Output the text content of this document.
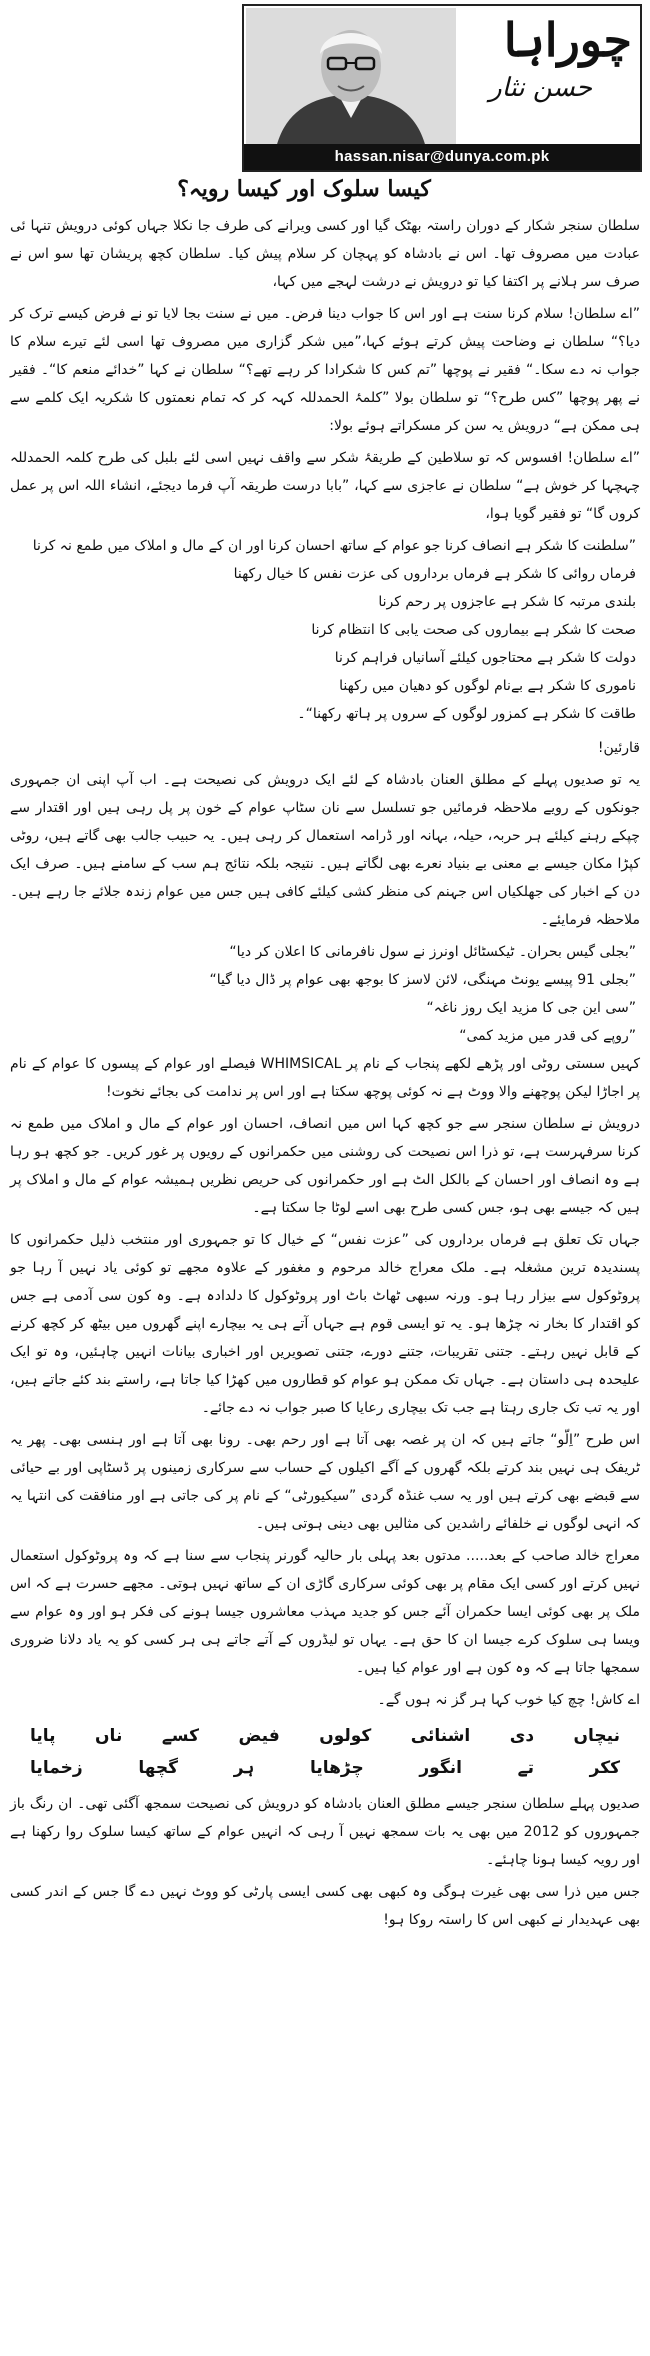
چوراہا
حسن نثار
hassan.nisar@dunya.com.pk
کیسا سلوک اور کیسا رویہ؟

سلطان سنجر شکار کے دوران راستہ بھٹک گیا اور کسی ویرانے کی طرف جا نکلا جہاں کوئی درویش تنہا ئی عبادت میں مصروف تھا۔ اس نے بادشاہ کو پہچان کر سلام پیش کیا۔ سلطان کچھ پریشان تھا سو اس نے صرف سر ہلانے پر اکتفا کیا تو درویش نے درشت لہجے میں کہا،

”اے سلطان! سلام کرنا سنت ہے اور اس کا جواب دینا فرض۔ میں نے سنت بجا لایا تو نے فرض کیسے ترک کر دیا؟“ سلطان نے وضاحت پیش کرتے ہوئے کہا،”میں شکر گزاری میں مصروف تھا اسی لئے تیرے سلام کا جواب نہ دے سکا۔“ فقیر نے پوچھا ”تم کس کا شکرادا کر رہے تھے؟“ سلطان نے کہا ”خدائے منعم کا“۔ فقیر نے پھر پوچھا ”کس طرح؟“ تو سلطان بولا ”کلمۂ الحمدللہ کہہ کر کہ تمام نعمتوں کا شکریہ ایک کلمے سے ہی ممکن ہے“ درویش یہ سن کر مسکراتے ہوئے بولا:

”اے سلطان! افسوس کہ تو سلاطین کے طریقۂ شکر سے واقف نہیں اسی لئے بلبل کی طرح کلمہ الحمدللہ چہچہا کر خوش ہے“ سلطان نے عاجزی سے کہا، ”بابا درست طریقہ آپ فرما دیجئے، انشاء اللہ اس پر عمل کروں گا“ تو فقیر گویا ہوا،

”سلطنت کا شکر ہے انصاف کرنا جو عوام کے ساتھ احسان کرنا اور ان کے مال و املاک میں طمع نہ کرنا

فرماں روائی کا شکر ہے فرماں برداروں کی عزت نفس کا خیال رکھنا

بلندی مرتبہ کا شکر ہے عاجزوں پر رحم کرنا

صحت کا شکر ہے بیماروں کی صحت یابی کا انتظام کرنا

دولت کا شکر ہے محتاجوں کیلئے آسانیاں فراہم کرنا

ناموری کا شکر ہے بےنام لوگوں کو دھیان میں رکھنا

طاقت کا شکر ہے کمزور لوگوں کے سروں پر ہاتھ رکھنا“۔

قارئین!

یہ تو صدیوں پہلے کے مطلق العنان بادشاہ کے لئے ایک درویش کی نصیحت ہے۔ اب آپ اپنی ان جمہوری جونکوں کے رویے ملاحظہ فرمائیں جو تسلسل سے نان سٹاپ عوام کے خون پر پل رہی ہیں اور اقتدار سے چپکے رہنے کیلئے ہر حربہ، حیلہ، بہانہ اور ڈرامہ استعمال کر رہی ہیں۔ یہ حبیب جالب بھی گاتے ہیں، روٹی کپڑا مکان جیسے بے معنی بے بنیاد نعرے بھی لگاتے ہیں۔ نتیجہ بلکہ نتائج ہم سب کے سامنے ہیں۔ صرف ایک دن کے اخبار کی جھلکیاں اس جہنم کی منظر کشی کیلئے کافی ہیں جس میں عوام زندہ جلائے جا رہے ہیں۔ ملاحظہ فرمایئے۔

”بجلی گیس بحران۔ ٹیکسٹائل اونرز نے سول نافرمانی کا اعلان کر دیا“

”بجلی 91 پیسے یونٹ مہنگی، لائن لاسز کا بوجھ بھی عوام پر ڈال دیا گیا“

”سی این جی کا مزید ایک روز ناغہ“

”روپے کی قدر میں مزید کمی“

کہیں سستی روٹی اور پڑھے لکھے پنجاب کے نام پر WHIMSICAL فیصلے اور عوام کے پیسوں کا عوام کے نام پر اجاڑا لیکن پوچھنے والا ووٹ ہے نہ کوئی پوچھ سکتا ہے اور اس پر ندامت کی بجائے نخوت!

درویش نے سلطان سنجر سے جو کچھ کہا اس میں انصاف، احسان اور عوام کے مال و املاک میں طمع نہ کرنا سرفہرست ہے، تو ذرا اس نصیحت کی روشنی میں حکمرانوں کے رویوں پر غور کریں۔ جو کچھ ہو رہا ہے وہ انصاف اور احسان کے بالکل الٹ ہے اور حکمرانوں کی حریص نظریں ہمیشہ عوام کے مال و املاک پر ہیں کہ جیسے بھی ہو، جس کسی طرح بھی اسے لوٹا جا سکتا ہے۔

جہاں تک تعلق ہے فرماں برداروں کی ”عزت نفس“ کے خیال کا تو جمہوری اور منتخب ذلیل حکمرانوں کا پسندیدہ ترین مشغلہ ہے۔ ملک معراج خالد مرحوم و مغفور کے علاوہ مجھے تو کوئی یاد نہیں آ رہا جو پروٹوکول سے بیزار رہا ہو۔ ورنہ سبھی ٹھاٹ باٹ اور پروٹوکول کا دلدادہ ہے۔ وہ کون سی آدمی ہے جس کو اقتدار کا بخار نہ چڑھا ہو۔ یہ تو ایسی قوم ہے جہاں آتے ہی یہ بیچارے اپنے گھروں میں بیٹھ کر کچھ کرنے کے قابل نہیں رہتے۔ جتنی تقریبات، جتنے دورے، جتنی تصویریں اور اخباری بیانات انہیں چاہئیں، وہ تو ایک علیحدہ ہی داستان ہے۔ جہاں تک ممکن ہو عوام کو قطاروں میں کھڑا کیا جاتا ہے، راستے بند کئے جاتے ہیں، اور یہ تب تک جاری رہتا ہے جب تک بیچاری رعایا کا صبر جواب نہ دے جائے۔

اس طرح ”اِلّو“ جاتے ہیں کہ ان پر غصہ بھی آتا ہے اور رحم بھی۔ رونا بھی آتا ہے اور ہنسی بھی۔ پھر یہ ٹریفک ہی نہیں بند کرتے بلکہ گھروں کے آگے اکیلوں کے حساب سے سرکاری زمینوں پر ڈسٹاپی اور بے حیائی سے قبضے بھی کرتے ہیں اور یہ سب غنڈہ گردی ”سیکیورٹی“ کے نام پر کی جاتی ہے اور منافقت کی انتہا یہ کہ انہی لوگوں نے خلفائے راشدین کی مثالیں بھی دینی ہوتی ہیں۔

معراج خالد صاحب کے بعد..... مدتوں بعد پہلی بار حالیہ گورنر پنجاب سے سنا ہے کہ وہ پروٹوکول استعمال نہیں کرتے اور کسی ایک مقام پر بھی کوئی سرکاری گاڑی ان کے ساتھ نہیں ہوتی۔ مجھے حسرت ہے کہ اس ملک پر بھی کوئی ایسا حکمران آئے جس کو جدید مہذب معاشروں جیسا ہونے کی فکر ہو اور وہ عوام سے ویسا ہی سلوک کرے جیسا ان کا حق ہے۔ یہاں تو لیڈروں کے آتے جاتے ہی ہر کسی کو یہ یاد دلانا ضروری سمجھا جاتا ہے کہ وہ کون ہے اور عوام کیا ہیں۔

اے کاش! چچ کیا خوب کہا ہر گز نہ ہوں گے۔

نیچاں
دی
اشنائی
کولوں
فیض
کسے
ناں
پایا
ککر
تے
انگور
چڑھایا
ہر
گچھا
زخمایا

صدیوں پہلے سلطان سنجر جیسے مطلق العنان بادشاہ کو درویش کی نصیحت سمجھ آگئی تھی۔ ان رنگ باز جمہوروں کو 2012 میں بھی یہ بات سمجھ نہیں آ رہی کہ انہیں عوام کے ساتھ کیسا سلوک روا رکھنا ہے اور رویہ کیسا ہونا چاہئے۔

جس میں ذرا سی بھی غیرت ہوگی وہ کبھی بھی کسی ایسی پارٹی کو ووٹ نہیں دے گا جس کے اندر کسی بھی عہدیدار نے کبھی اس کا راستہ روکا ہو!
